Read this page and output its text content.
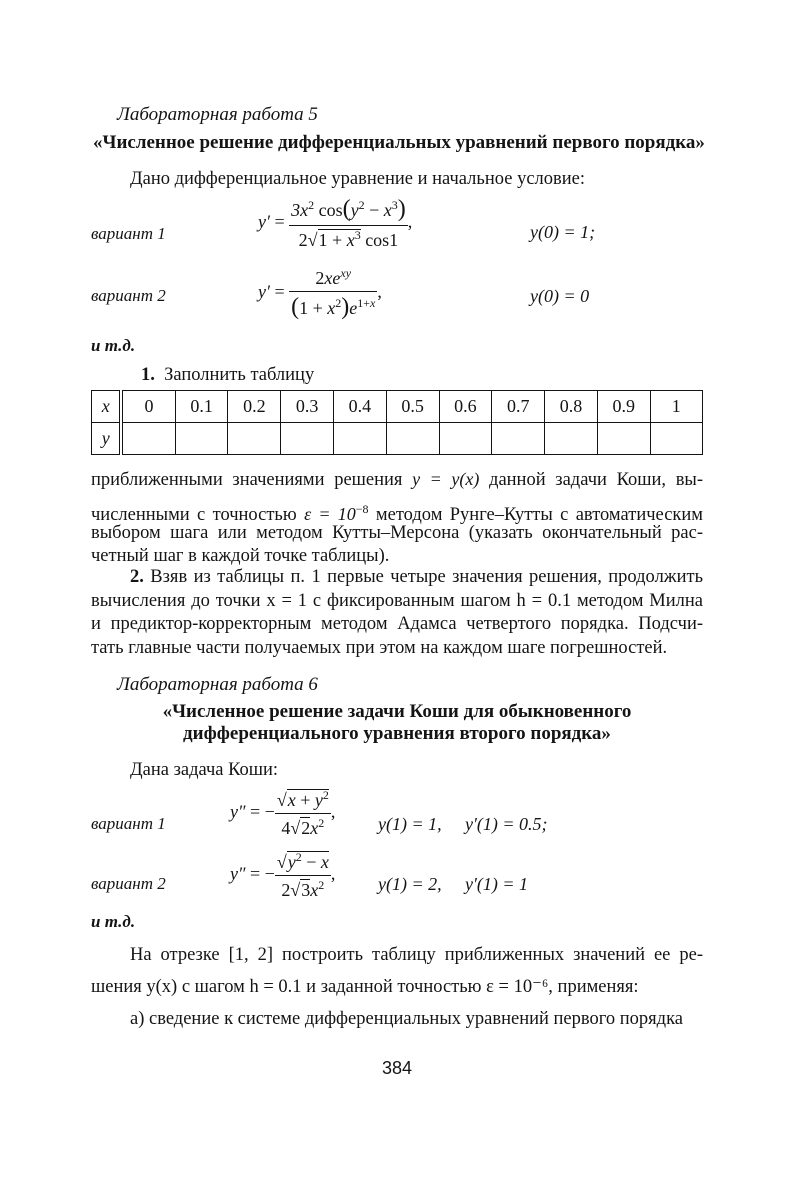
Лабораторная работа 5
«Численное решение дифференциальных уравнений первого порядка»
Дано дифференциальное уравнение и начальное условие:
вариант 1
$y' = \frac{3x^2 \cos(y^2 - x^3)}{2√1 + x^3 \cos 1}$ ,
y(0) = 1;
вариант 2	$y' = \frac{2xe^{xy}}{(1 + x^2)e^{1+x}}$ ,	y(0) = 0
и т.д.
1. Заполнить таблицу
x	0	0.1	0.2	0.3	0.4	0.5	0.6	0.7	0.8	0.9	1
y											
приближенными значениями решения y = y(x) данной задачи Коши, вы-
численными с точностью $\varepsilon = 10^{-8}$ методом Рунге–Кутты с автоматическим
выбором шага или методом Кутты–Мерсона (указать окончательный рас-
четный шаг в каждой точке таблицы).
2. Взяв из таблицы п. 1 первые четыре значения решения, продолжить
вычисления до точки x = 1 с фиксированным шагом h = 0.1 методом Милна
и предиктор-корректорным методом Адамса четвертого порядка. Подсчи-
тать главные части получаемых при этом на каждом шаге погрешностей.
Лабораторная работа 6
«Численное решение задачи Коши для обыкновенного
дифференциального уравнения второго порядка»
Дана задача Коши:
вариант 1
y″ = − $\frac{√x + y^2}{4√2x^2}$ ,
y(1) = 1, y′(1) = 0.5;
вариант 2	y″ = − $\frac{√y^2 - x}{2√3x^2}$ ,
y(1) = 2, y′(1) = 1
и т.д.
На отрезке [1, 2] построить таблицу приближенных значений ее ре-
шения y(x) с шагом h = 0.1 и заданной точностью ε = 10⁻⁶, применяя:
а) сведение к системе дифференциальных уравнений первого порядка
384
